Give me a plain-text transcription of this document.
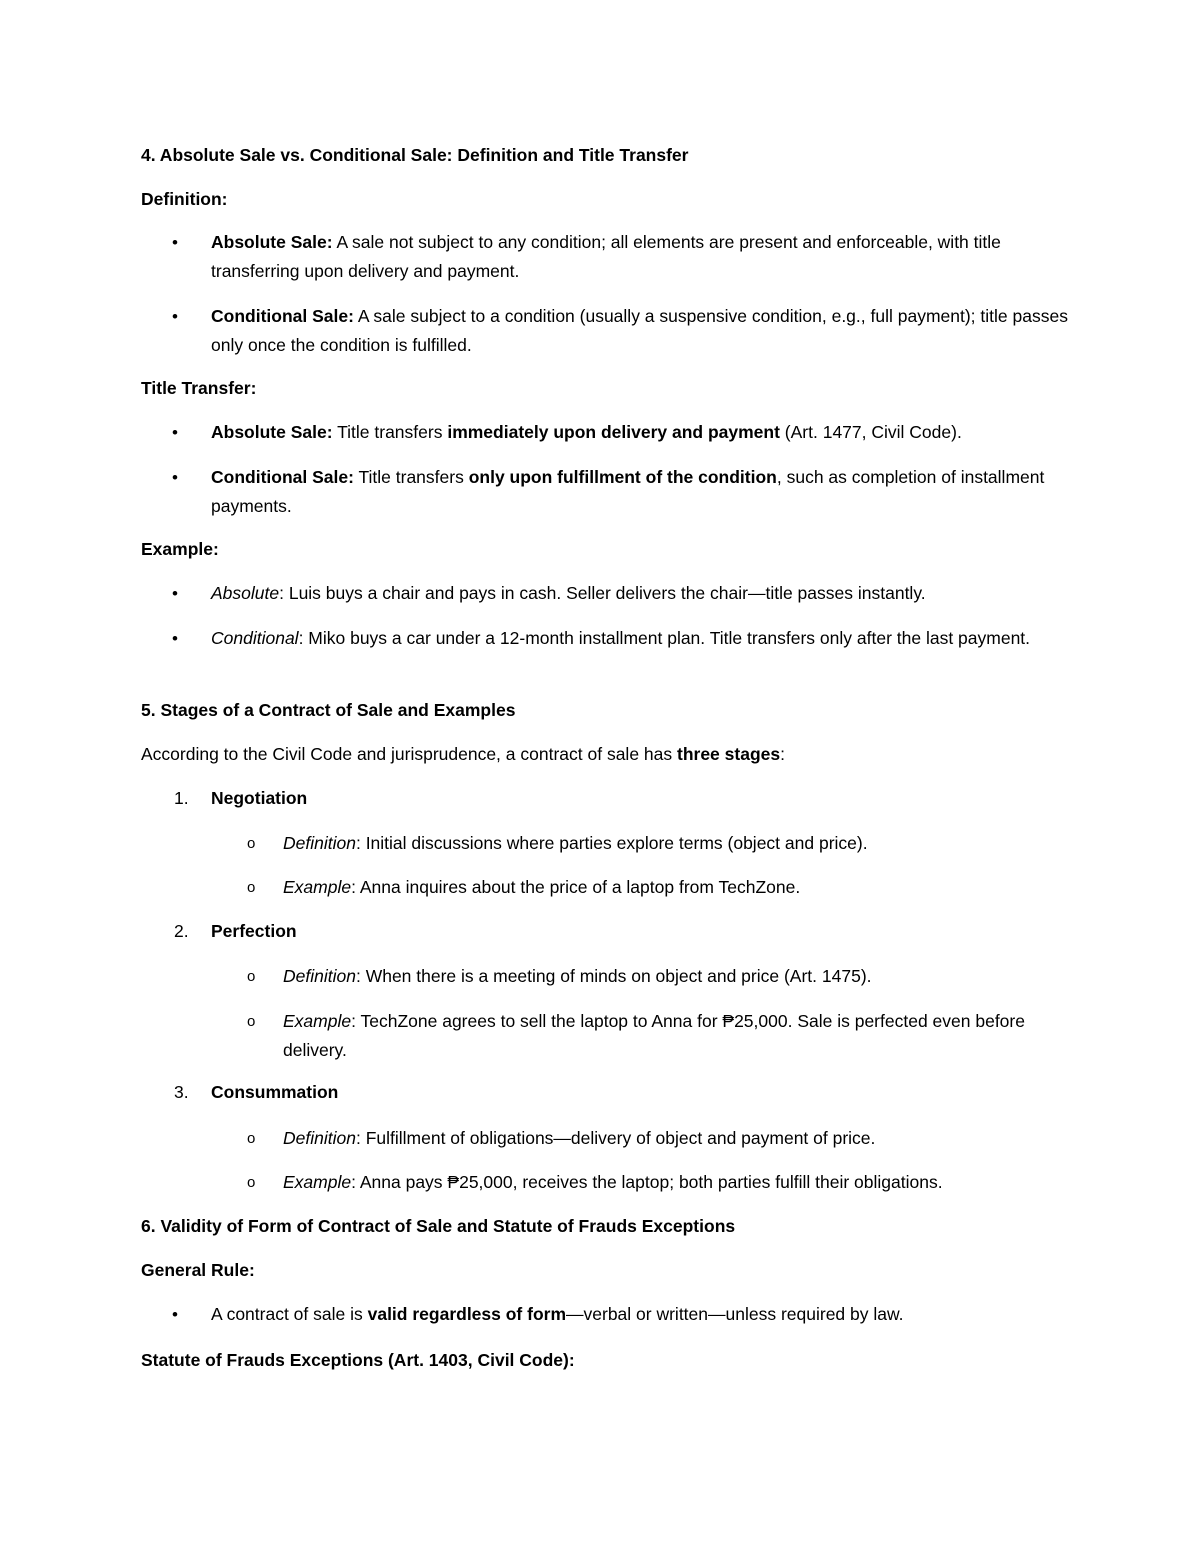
4. Absolute Sale vs. Conditional Sale: Definition and Title Transfer
Definition:
• Absolute Sale: A sale not subject to any condition; all elements are present and enforceable, with title transferring upon delivery and payment.
• Conditional Sale: A sale subject to a condition (usually a suspensive condition, e.g., full payment); title passes only once the condition is fulfilled.
Title Transfer:
• Absolute Sale: Title transfers immediately upon delivery and payment (Art. 1477, Civil Code).
• Conditional Sale: Title transfers only upon fulfillment of the condition, such as completion of installment payments.
Example:
• Absolute: Luis buys a chair and pays in cash. Seller delivers the chair—title passes instantly.
• Conditional: Miko buys a car under a 12-month installment plan. Title transfers only after the last payment.
5. Stages of a Contract of Sale and Examples
According to the Civil Code and jurisprudence, a contract of sale has three stages:
1. Negotiation
o Definition: Initial discussions where parties explore terms (object and price).
o Example: Anna inquires about the price of a laptop from TechZone.
2. Perfection
o Definition: When there is a meeting of minds on object and price (Art. 1475).
o Example: TechZone agrees to sell the laptop to Anna for ₱25,000. Sale is perfected even before delivery.
3. Consummation
o Definition: Fulfillment of obligations—delivery of object and payment of price.
o Example: Anna pays ₱25,000, receives the laptop; both parties fulfill their obligations.
6. Validity of Form of Contract of Sale and Statute of Frauds Exceptions
General Rule:
• A contract of sale is valid regardless of form—verbal or written—unless required by law.
Statute of Frauds Exceptions (Art. 1403, Civil Code):
